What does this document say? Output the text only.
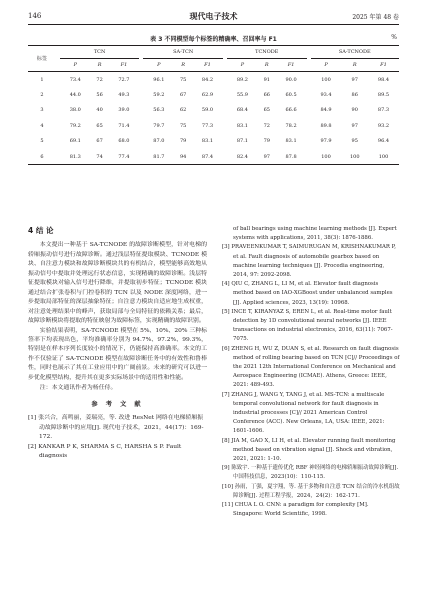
146	现代电子技术	2025 年第 48 卷
表 3 不同模型每个标签的精确率、召回率与 F1	%
标签		TCN				SA-TCN				TCNODE				SA-TCNODE		
		P	R	F1		P	R	F1		P	R	F1		P	R	F1
1		73.4	72	72.7		96.1	75	84.2		89.2	91	90.0		100	97	98.4
2		44.0	56	49.3		59.2	67	62.9		55.9	66	60.5		93.4	86	89.5
3		38.0	40	39.0		56.3	62	59.0		68.4	65	66.6		84.9	90	87.3
4		79.2	65	71.4		79.7	75	77.3		83.1	72	78.2		89.8	97	93.2
5		69.1	67	68.0		87.0	79	83.1		87.1	79	83.1		97.9	95	96.4
6		81.3	74	77.4		81.7	94	87.4		82.4	97	87.8		100	100	100
4 结 论

本文提出一种基于 SA-TCNODE 的故障诊断模型，针对电梯的轿厢振动信号进行故障诊断。通过浅层特征提取模块、TCNODE 模块、自注意力模块和故障诊断模块共的有机结合，模型能够高效地从振动信号中提取并处理远行状态信息，实现精确的故障诊断。浅层特征提取模块对输入信号进行降维，并提取初步特征；TCNODE 模块通过结合扩张卷积与门控卷积的 TCN 以及 NODE 深度网络，进一步提取局部特征的深层抽象特征；自注意力模块自适应地生成权重，对注意处理结果中的峰声，获取局部与全局特征的依赖关系；最后，故障诊断模块将提取的特征映射为故障标签，实现精确的故障识别。

实验结果表明，SA-TCNODE 模型在 5%、10%、20% 三种标签率下均表现出色，平均准确率分别为 94.7%、97.2%、99.3%，特别是在样本序列长度较小的情况下，仍能保持高准确率。本文的工作不仅验证了 SA-TCNODE 模型在故障诊断任务中的有效性和鲁棒性，同时也展示了其在工业应用中的广阔前景。未来的研究可以进一步优化模型结构，提升其在更多实际场景中的适用性和性能。

注：本文通讯作者为杨任侍。

参 考 文 献

[1] 张兴合，高鸣丽，姜瑞亮，等. 改进 ResNet 网络在电梯轿厢振动故障诊断中的应用[J]. 现代电子技术，2021，44(17)：169-172.

[2] KANKAR P K, SHARMA S C, HARSHA S P. Fault diagnosis

of ball bearings using machine learning methods [J]. Expert systems with applications, 2011, 38(3): 1876-1886.

[3] PRAVEENKUMAR T, SAIMURUGAN M, KRISHNAKUMAR P, et al. Fault diagnosis of automobile gearbox based on machine learning techniques [J]. Procedia engineering, 2014, 97: 2092-2098.

[4] QIU C, ZHANG L, LI M, et al. Elevator fault diagnosis method based on IAO-XGBoost under unbalanced samples [J]. Applied sciences, 2023, 13(19): 10968.

[5] INCE T, KIRANYAZ S, EREN L, et al. Real-time motor fault detection by 1D convolutional neural networks [J]. IEEE transactions on industrial electronics, 2016, 63(11): 7067-7075.

[6] ZHENG H, WU Z, DUAN S, et al. Research on fault diagnosis method of rolling bearing based on TCN [C]// Proceedings of the 2021 12th International Conference on Mechanical and Aerospace Engineering (ICMAE). Athens, Greece: IEEE, 2021: 489-493.

[7] ZHANG J, WANG Y, TANG J, et al. MS-TCN: a multiscale temporal convolutional network for fault diagnosis in industrial processes [C]// 2021 American Control Conference (ACC). New Orleans, LA, USA: IEEE, 2021: 1601-1606.

[8] JIA M, GAO X, LI H, et al. Elevator running fault monitoring method based on vibration signal [J]. Shock and vibration, 2021, 2021: 1-10.

[9] 陈致宇. 一种基于遗传优化 RBF 神经网络的电梯轿厢振动故障诊断[J]. 中国科技信息，2023(10)：110-115.

[10] 孙雨，丁强，夏宇翔，等. 基于多物和自注意 TCN 结合的冷水机组故障诊断[J]. 过程工程学报，2024，24(2)：162-171.

[11] CHUA L O. CNN: a paradigm for complexity [M]. Singapore: World Scientific, 1998.
